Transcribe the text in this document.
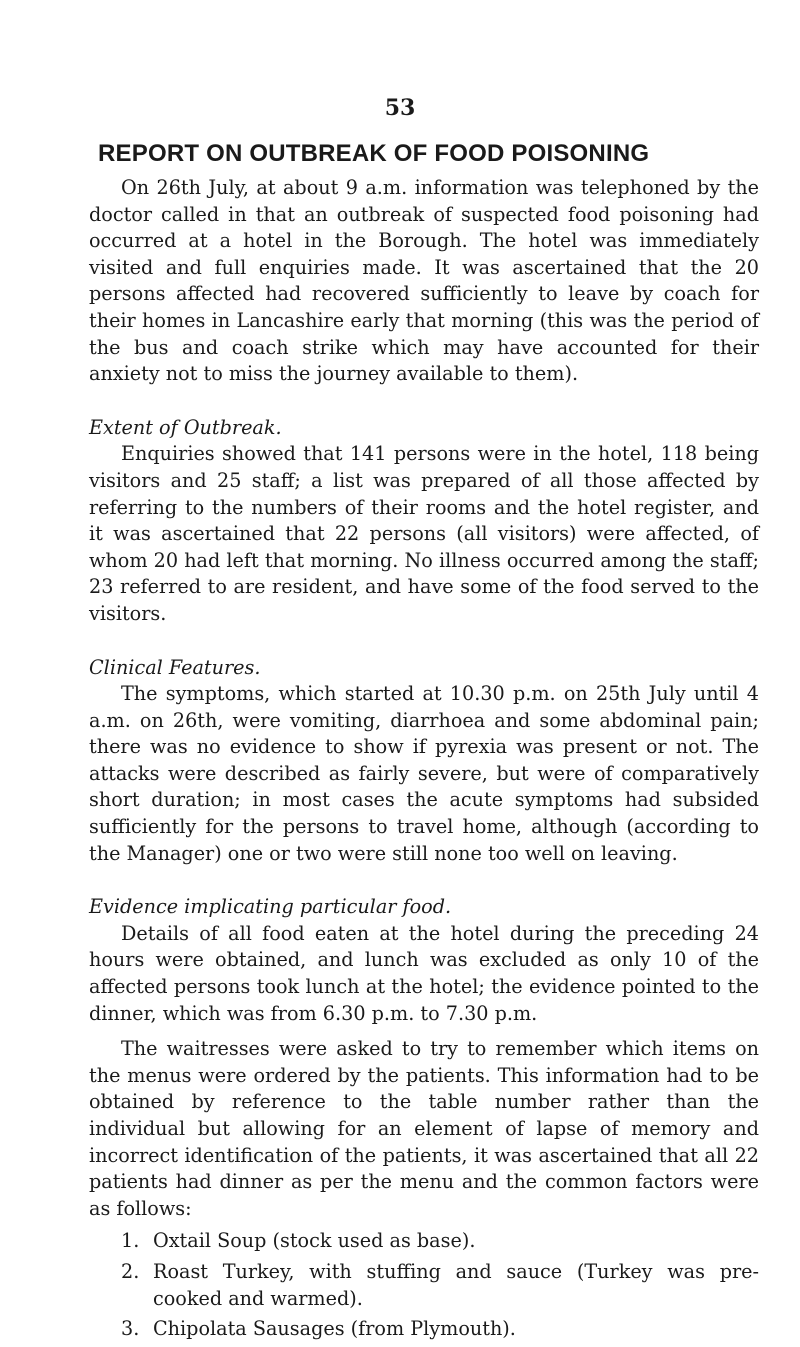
53
REPORT ON OUTBREAK OF FOOD POISONING

On 26th July, at about 9 a.m. information was telephoned by the doctor called in that an outbreak of suspected food poisoning had occurred at a hotel in the Borough. The hotel was immediately visited and full enquiries made. It was ascertained that the 20 persons affected had recovered sufficiently to leave by coach for their homes in Lancashire early that morning (this was the period of the bus and coach strike which may have accounted for their anxiety not to miss the journey available to them).

Extent of Outbreak.

Enquiries showed that 141 persons were in the hotel, 118 being visitors and 25 staff; a list was prepared of all those affected by referring to the numbers of their rooms and the hotel register, and it was ascertained that 22 persons (all visitors) were affected, of whom 20 had left that morning. No illness occurred among the staff; 23 referred to are resident, and have some of the food served to the visitors.

Clinical Features.

The symptoms, which started at 10.30 p.m. on 25th July until 4 a.m. on 26th, were vomiting, diarrhoea and some abdominal pain; there was no evidence to show if pyrexia was present or not. The attacks were described as fairly severe, but were of comparatively short duration; in most cases the acute symptoms had subsided sufficiently for the persons to travel home, although (according to the Manager) one or two were still none too well on leaving.

Evidence implicating particular food.

Details of all food eaten at the hotel during the preceding 24 hours were obtained, and lunch was excluded as only 10 of the affected persons took lunch at the hotel; the evidence pointed to the dinner, which was from 6.30 p.m. to 7.30 p.m.

The waitresses were asked to try to remember which items on the menus were ordered by the patients. This information had to be obtained by reference to the table number rather than the individual but allowing for an element of lapse of memory and incorrect identification of the patients, it was ascertained that all 22 patients had dinner as per the menu and the common factors were as follows:

1. Oxtail Soup (stock used as base).
2. Roast Turkey, with stuffing and sauce (Turkey was pre-cooked and warmed).
3. Chipolata Sausages (from Plymouth).
